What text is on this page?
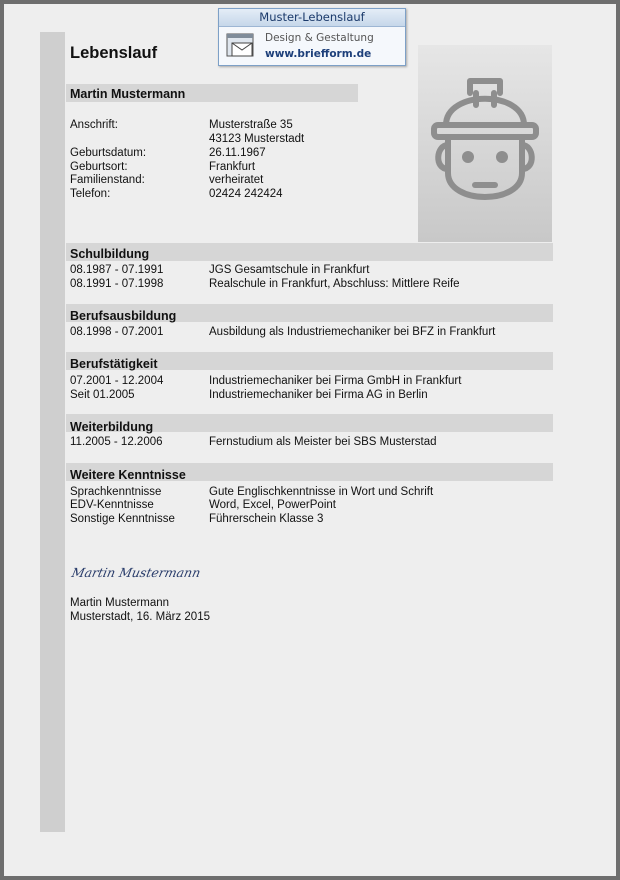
Muster-Lebenslauf
Design & Gestaltung
www.briefform.de
Lebenslauf
Martin Mustermann
Anschrift:	Musterstraße 35
43123 Musterstadt
Geburtsdatum:	26.11.1967
Geburtsort:	Frankfurt
Familienstand:	verheiratet
Telefon:	02424 242424
Schulbildung
08.1987 - 07.1991	JGS Gesamtschule in Frankfurt
08.1991 - 07.1998	Realschule in Frankfurt, Abschluss: Mittlere Reife
Berufsausbildung
08.1998 - 07.2001	Ausbildung als Industriemechaniker bei BFZ in Frankfurt
Berufstätigkeit
07.2001 - 12.2004	Industriemechaniker bei Firma GmbH in Frankfurt
Seit 01.2005	Industriemechaniker bei Firma AG in Berlin
Weiterbildung
11.2005 - 12.2006	Fernstudium als Meister bei SBS Musterstad
Weitere Kenntnisse
Sprachkenntnisse	Gute Englischkenntnisse in Wort und Schrift
EDV-Kenntnisse	Word, Excel, PowerPoint
Sonstige Kenntnisse	Führerschein Klasse 3
Martin Mustermann
Martin Mustermann
Musterstadt, 16. März 2015
